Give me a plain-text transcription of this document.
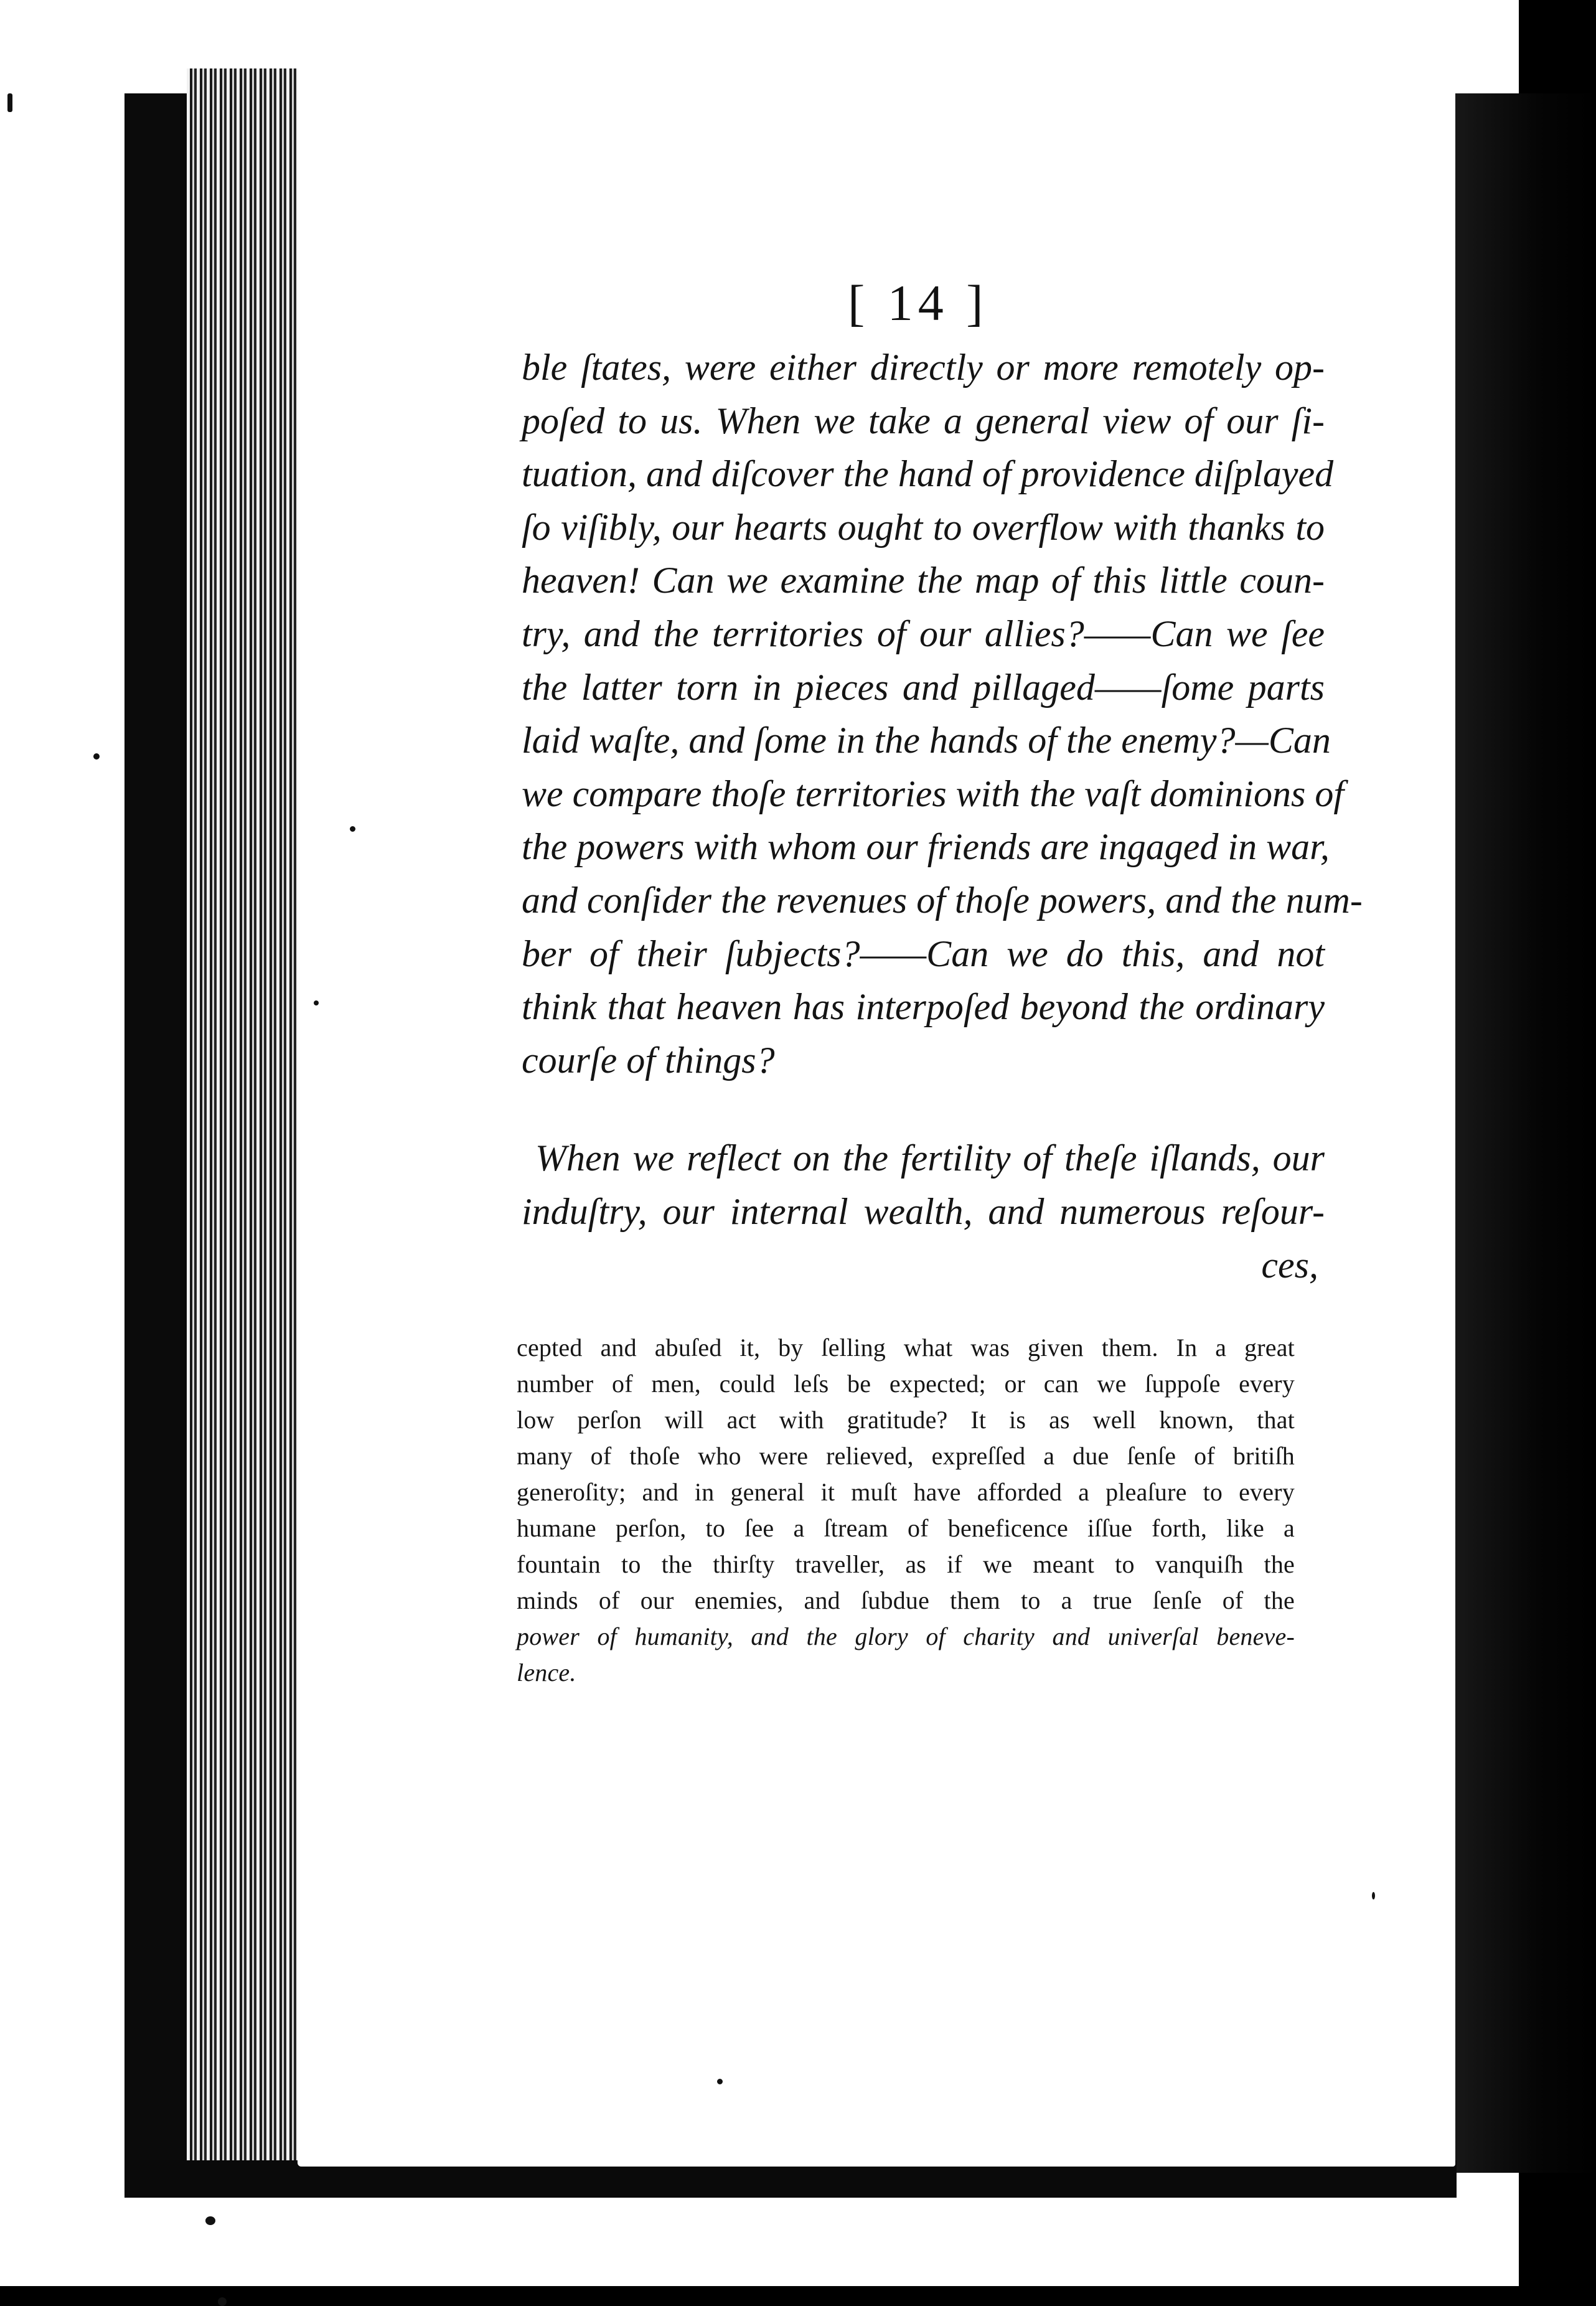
[ 14 ]
ble ſtates, were either directly or more remotely op-
poſed to us. When we take a general view of our ſi-
tuation, and diſcover the hand of providence diſplayed
ſo viſibly, our hearts ought to overflow with thanks to
heaven! Can we examine the map of this little coun-
try, and the territories of our allies?——Can we ſee
the latter torn in pieces and pillaged——ſome parts
laid waſte, and ſome in the hands of the enemy?—Can
we compare thoſe territories with the vaſt dominions of
the powers with whom our friends are ingaged in war,
and conſider the revenues of thoſe powers, and the num-
ber of their ſubjects?——Can we do this, and not
think that heaven has interpoſed beyond the ordinary
courſe of things?
When we reflect on the fertility of theſe iſlands, our
induſtry, our internal wealth, and numerous reſour-
ces,
cepted and abuſed it, by ſelling what was given them. In a great
number of men, could leſs be expected; or can we ſuppoſe every
low perſon will act with gratitude? It is as well known, that
many of thoſe who were relieved, expreſſed a due ſenſe of britiſh
generoſity; and in general it muſt have afforded a pleaſure to every
humane perſon, to ſee a ſtream of beneficence iſſue forth, like a
fountain to the thirſty traveller, as if we meant to vanquiſh the
minds of our enemies, and ſubdue them to a true ſenſe of the
power of humanity, and the glory of charity and univerſal beneve-
lence.
